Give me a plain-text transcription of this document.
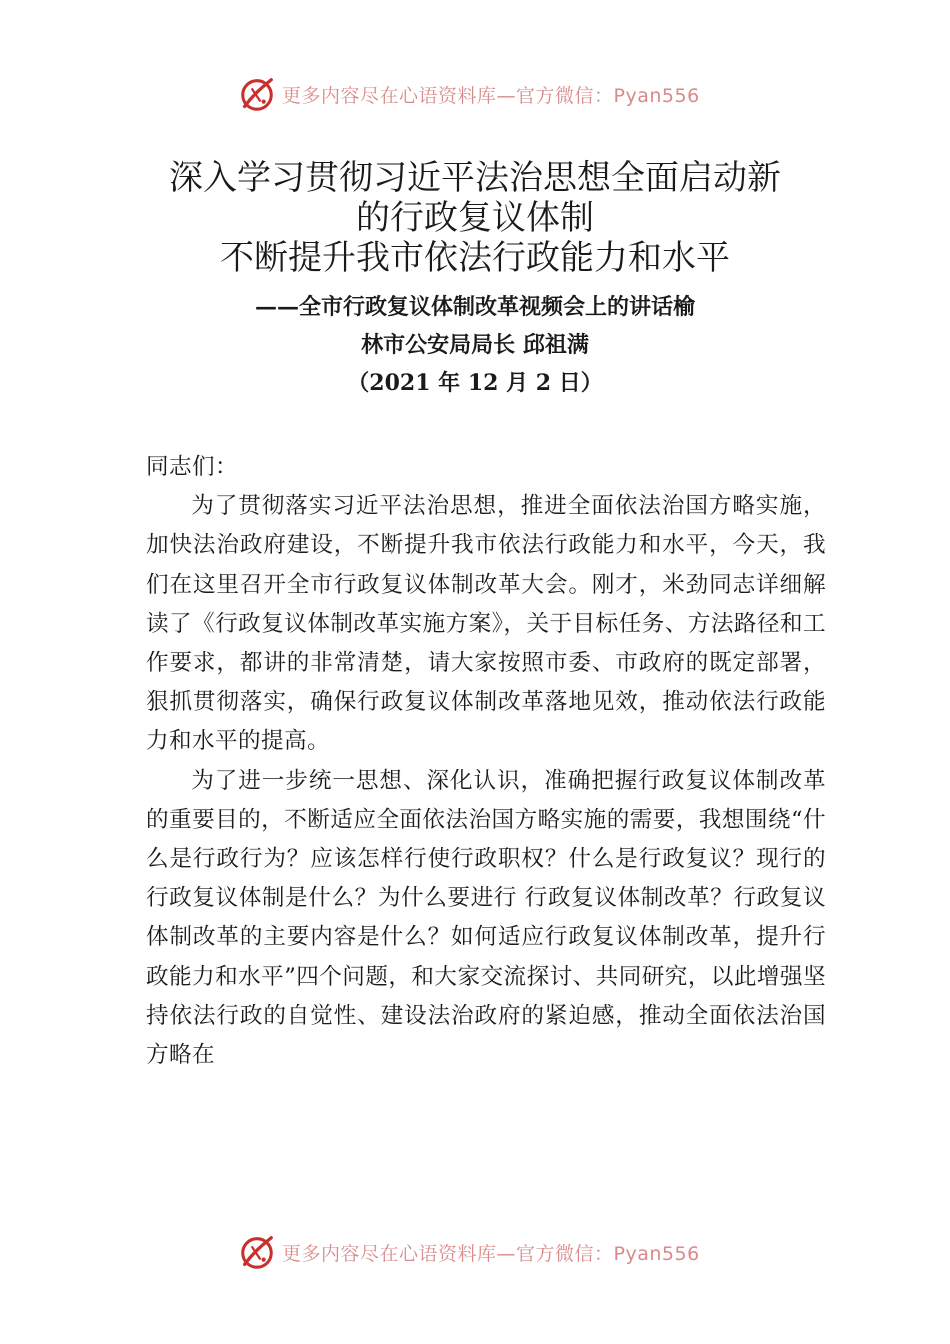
更多内容尽在心语资料库—官方微信：Pyan556
深入学习贯彻习近平法治思想全面启动新
的行政复议体制
不断提升我市依法行政能力和水平
——全市行政复议体制改革视频会上的讲话榆
林市公安局局长 邱祖满
（2021 年 12 月 2 日）

同志们：

为了贯彻落实习近平法治思想，推进全面依法治国方略实施，加快法治政府建设，不断提升我市依法行政能力和水平，今天，我们在这里召开全市行政复议体制改革大会。刚才，米劲同志详细解读了《行政复议体制改革实施方案》，关于目标任务、方法路径和工作要求，都讲的非常清楚，请大家按照市委、市政府的既定部署，狠抓贯彻落实，确保行政复议体制改革落地见效，推动依法行政能力和水平的提高。

为了进一步统一思想、深化认识，准确把握行政复议体制改革的重要目的，不断适应全面依法治国方略实施的需要，我想围绕“什么是行政行为？应该怎样行使行政职权？什么是行政复议？现行的行政复议体制是什么？为什么要进行 行政复议体制改革？行政复议体制改革的主要内容是什么？如何适应行政复议体制改革，提升行政能力和水平”四个问题，和大家交流探讨、共同研究，以此增强坚持依法行政的自觉性、建设法治政府的紧迫感，推动全面依法治国方略在

更多内容尽在心语资料库—官方微信：Pyan556
